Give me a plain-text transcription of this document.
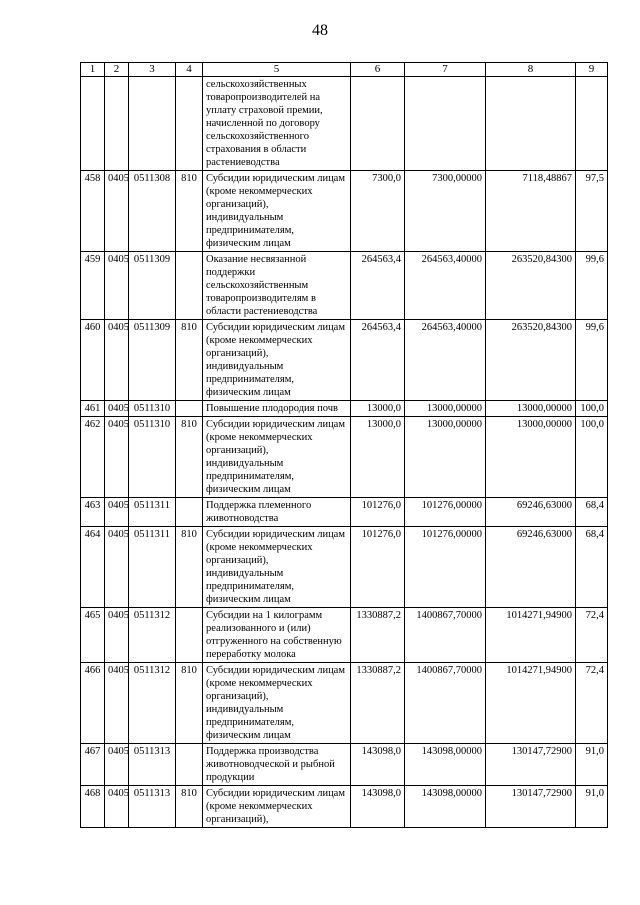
48
1	2	3	4	5	6	7	8	9
				сельскохозяйственных товаропроизводителей на уплату страховой премии, начисленной по договору сельскохозяйственного страхования в области растениеводства				
458	0405	0511308	810	Субсидии юридическим лицам (кроме некоммерческих организаций), индивидуальным предпринимателям, физическим лицам	7300,0	7300,00000	7118,48867	97,5
459	0405	0511309		Оказание несвязанной поддержки сельскохозяйственным товаропроизводителям в области растениеводства	264563,4	264563,40000	263520,84300	99,6
460	0405	0511309	810	Субсидии юридическим лицам (кроме некоммерческих организаций), индивидуальным предпринимателям, физическим лицам	264563,4	264563,40000	263520,84300	99,6
461	0405	0511310		Повышение плодородия почв	13000,0	13000,00000	13000,00000	100,0
462	0405	0511310	810	Субсидии юридическим лицам (кроме некоммерческих организаций), индивидуальным предпринимателям, физическим лицам	13000,0	13000,00000	13000,00000	100,0
463	0405	0511311		Поддержка племенного животноводства	101276,0	101276,00000	69246,63000	68,4
464	0405	0511311	810	Субсидии юридическим лицам (кроме некоммерческих организаций), индивидуальным предпринимателям, физическим лицам	101276,0	101276,00000	69246,63000	68,4
465	0405	0511312		Субсидии на 1 килограмм реализованного и (или) отгруженного на собственную переработку молока	1330887,2	1400867,70000	1014271,94900	72,4
466	0405	0511312	810	Субсидии юридическим лицам (кроме некоммерческих организаций), индивидуальным предпринимателям, физическим лицам	1330887,2	1400867,70000	1014271,94900	72,4
467	0405	0511313		Поддержка производства животноводческой и рыбной продукции	143098,0	143098,00000	130147,72900	91,0
468	0405	0511313	810	Субсидии юридическим лицам (кроме некоммерческих организаций),	143098,0	143098,00000	130147,72900	91,0
